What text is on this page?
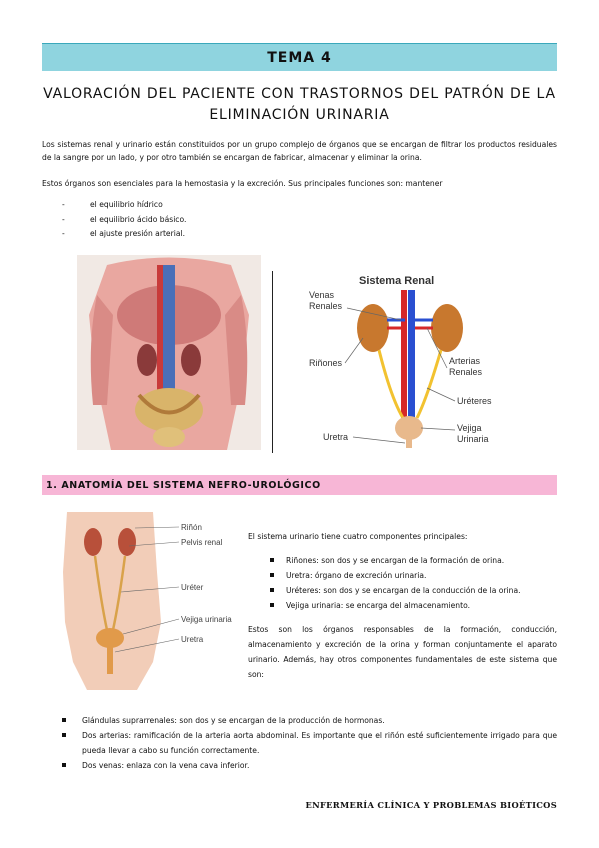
TEMA 4
VALORACIÓN DEL PACIENTE CON TRASTORNOS DEL PATRÓN DE LA
ELIMINACIÓN URINARIA

Los sistemas renal y urinario están constituidos por un grupo complejo de órganos que se encargan de filtrar los productos residuales de la sangre por un lado, y por otro también se encargan de fabricar, almacenar y eliminar la orina.

Estos órganos son esenciales para la hemostasia y la excreción. Sus principales funciones son: mantener

- el equilibrio hídrico
- el equilibrio ácido básico.
- el ajuste presión arterial.
Sistema Renal
Venas
Renales
Riñones	Arterias
Renales
Uréteres
Uretra
Vejiga
Urinaria
1. ANATOMÍA DEL SISTEMA NEFRO-UROLÓGICO
Riñón
Pelvis renal
Uréter
Vejiga urinaria
Uretra
El sistema urinario tiene cuatro componentes principales:
Riñones: son dos y se encargan de la formación de orina.
Uretra: órgano de excreción urinaria.
Uréteres: son dos y se encargan de la conducción de la orina.
Vejiga urinaria: se encarga del almacenamiento.

Estos son los órganos responsables de la formación, conducción, almacenamiento y excreción de la orina y forman conjuntamente el aparato urinario. Además, hay otros componentes fundamentales de este sistema que son:

Glándulas suprarrenales: son dos y se encargan de la producción de hormonas.
Dos arterias: ramificación de la arteria aorta abdominal. Es importante que el riñón esté suficientemente irrigado para que pueda llevar a cabo su función correctamente.
Dos venas: enlaza con la vena cava inferior.
ENFERMERÍA CLÍNICA Y PROBLEMAS BIOÉTICOS
